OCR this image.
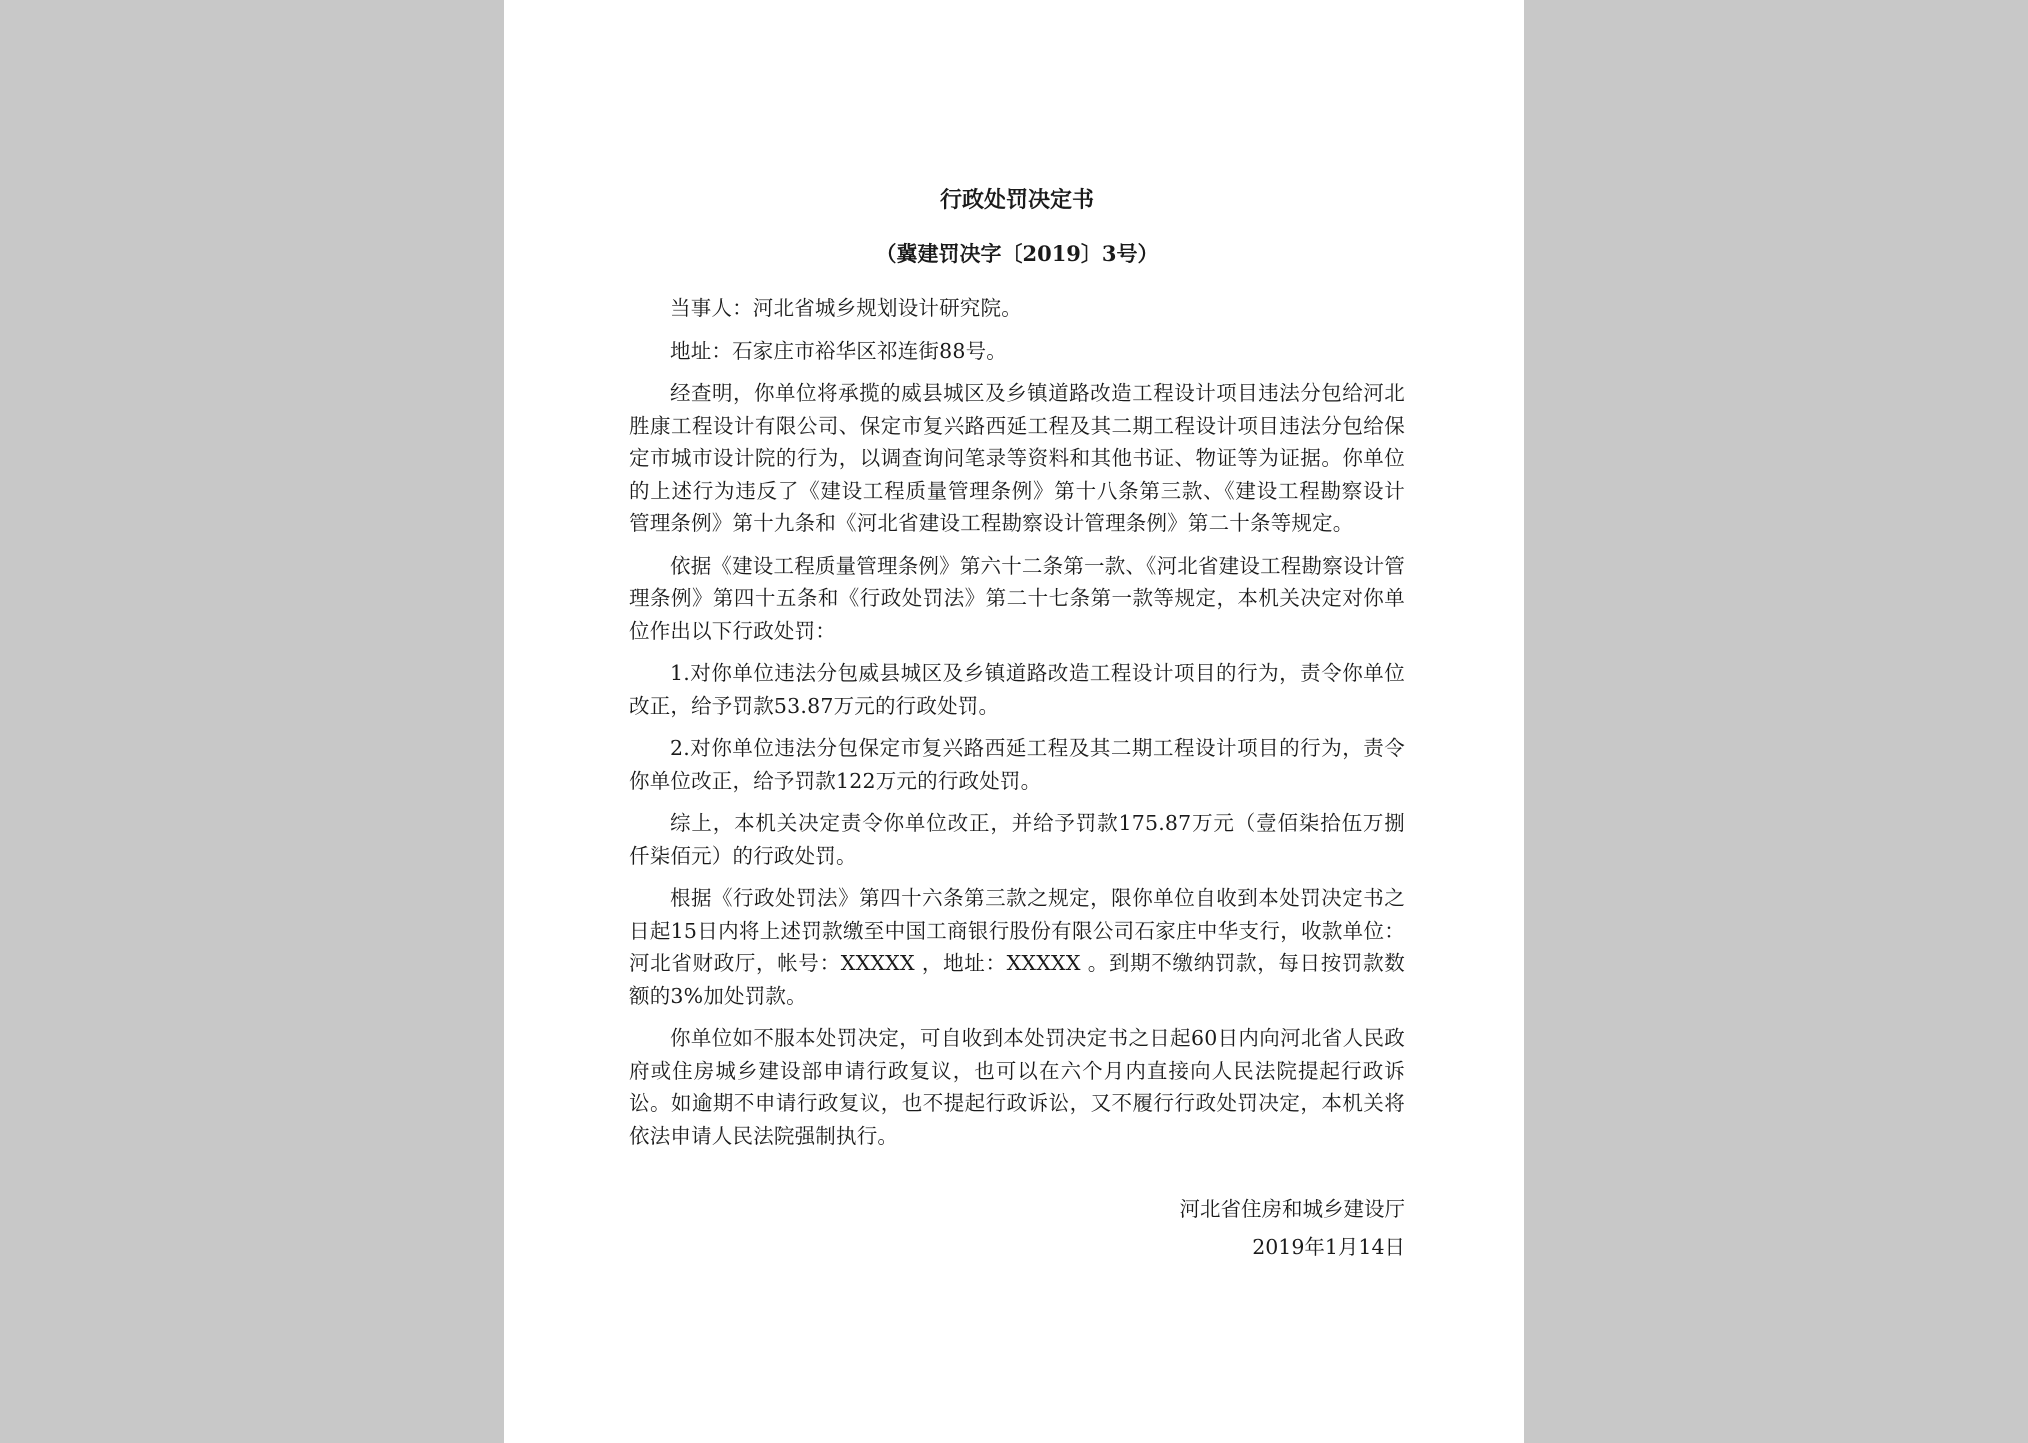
行政处罚决定书
（冀建罚决字〔2019〕3号）

当事人：河北省城乡规划设计研究院。

地址：石家庄市裕华区祁连街88号。

经查明，你单位将承揽的威县城区及乡镇道路改造工程设计项目违法分包给河北胜康工程设计有限公司、保定市复兴路西延工程及其二期工程设计项目违法分包给保定市城市设计院的行为，以调查询问笔录等资料和其他书证、物证等为证据。你单位的上述行为违反了《建设工程质量管理条例》第十八条第三款、《建设工程勘察设计管理条例》第十九条和《河北省建设工程勘察设计管理条例》第二十条等规定。

依据《建设工程质量管理条例》第六十二条第一款、《河北省建设工程勘察设计管理条例》第四十五条和《行政处罚法》第二十七条第一款等规定，本机关决定对你单位作出以下行政处罚：

1.对你单位违法分包威县城区及乡镇道路改造工程设计项目的行为，责令你单位改正，给予罚款53.87万元的行政处罚。

2.对你单位违法分包保定市复兴路西延工程及其二期工程设计项目的行为，责令你单位改正，给予罚款122万元的行政处罚。

综上，本机关决定责令你单位改正，并给予罚款175.87万元（壹佰柒拾伍万捌仟柒佰元）的行政处罚。

根据《行政处罚法》第四十六条第三款之规定，限你单位自收到本处罚决定书之日起15日内将上述罚款缴至中国工商银行股份有限公司石家庄中华支行，收款单位：河北省财政厅，帐号：XXXXX ，地址：XXXXX 。到期不缴纳罚款，每日按罚款数额的3%加处罚款。

你单位如不服本处罚决定，可自收到本处罚决定书之日起60日内向河北省人民政府或住房城乡建设部申请行政复议，也可以在六个月内直接向人民法院提起行政诉讼。如逾期不申请行政复议，也不提起行政诉讼，又不履行行政处罚决定，本机关将依法申请人民法院强制执行。

河北省住房和城乡建设厅
2019年1月14日
